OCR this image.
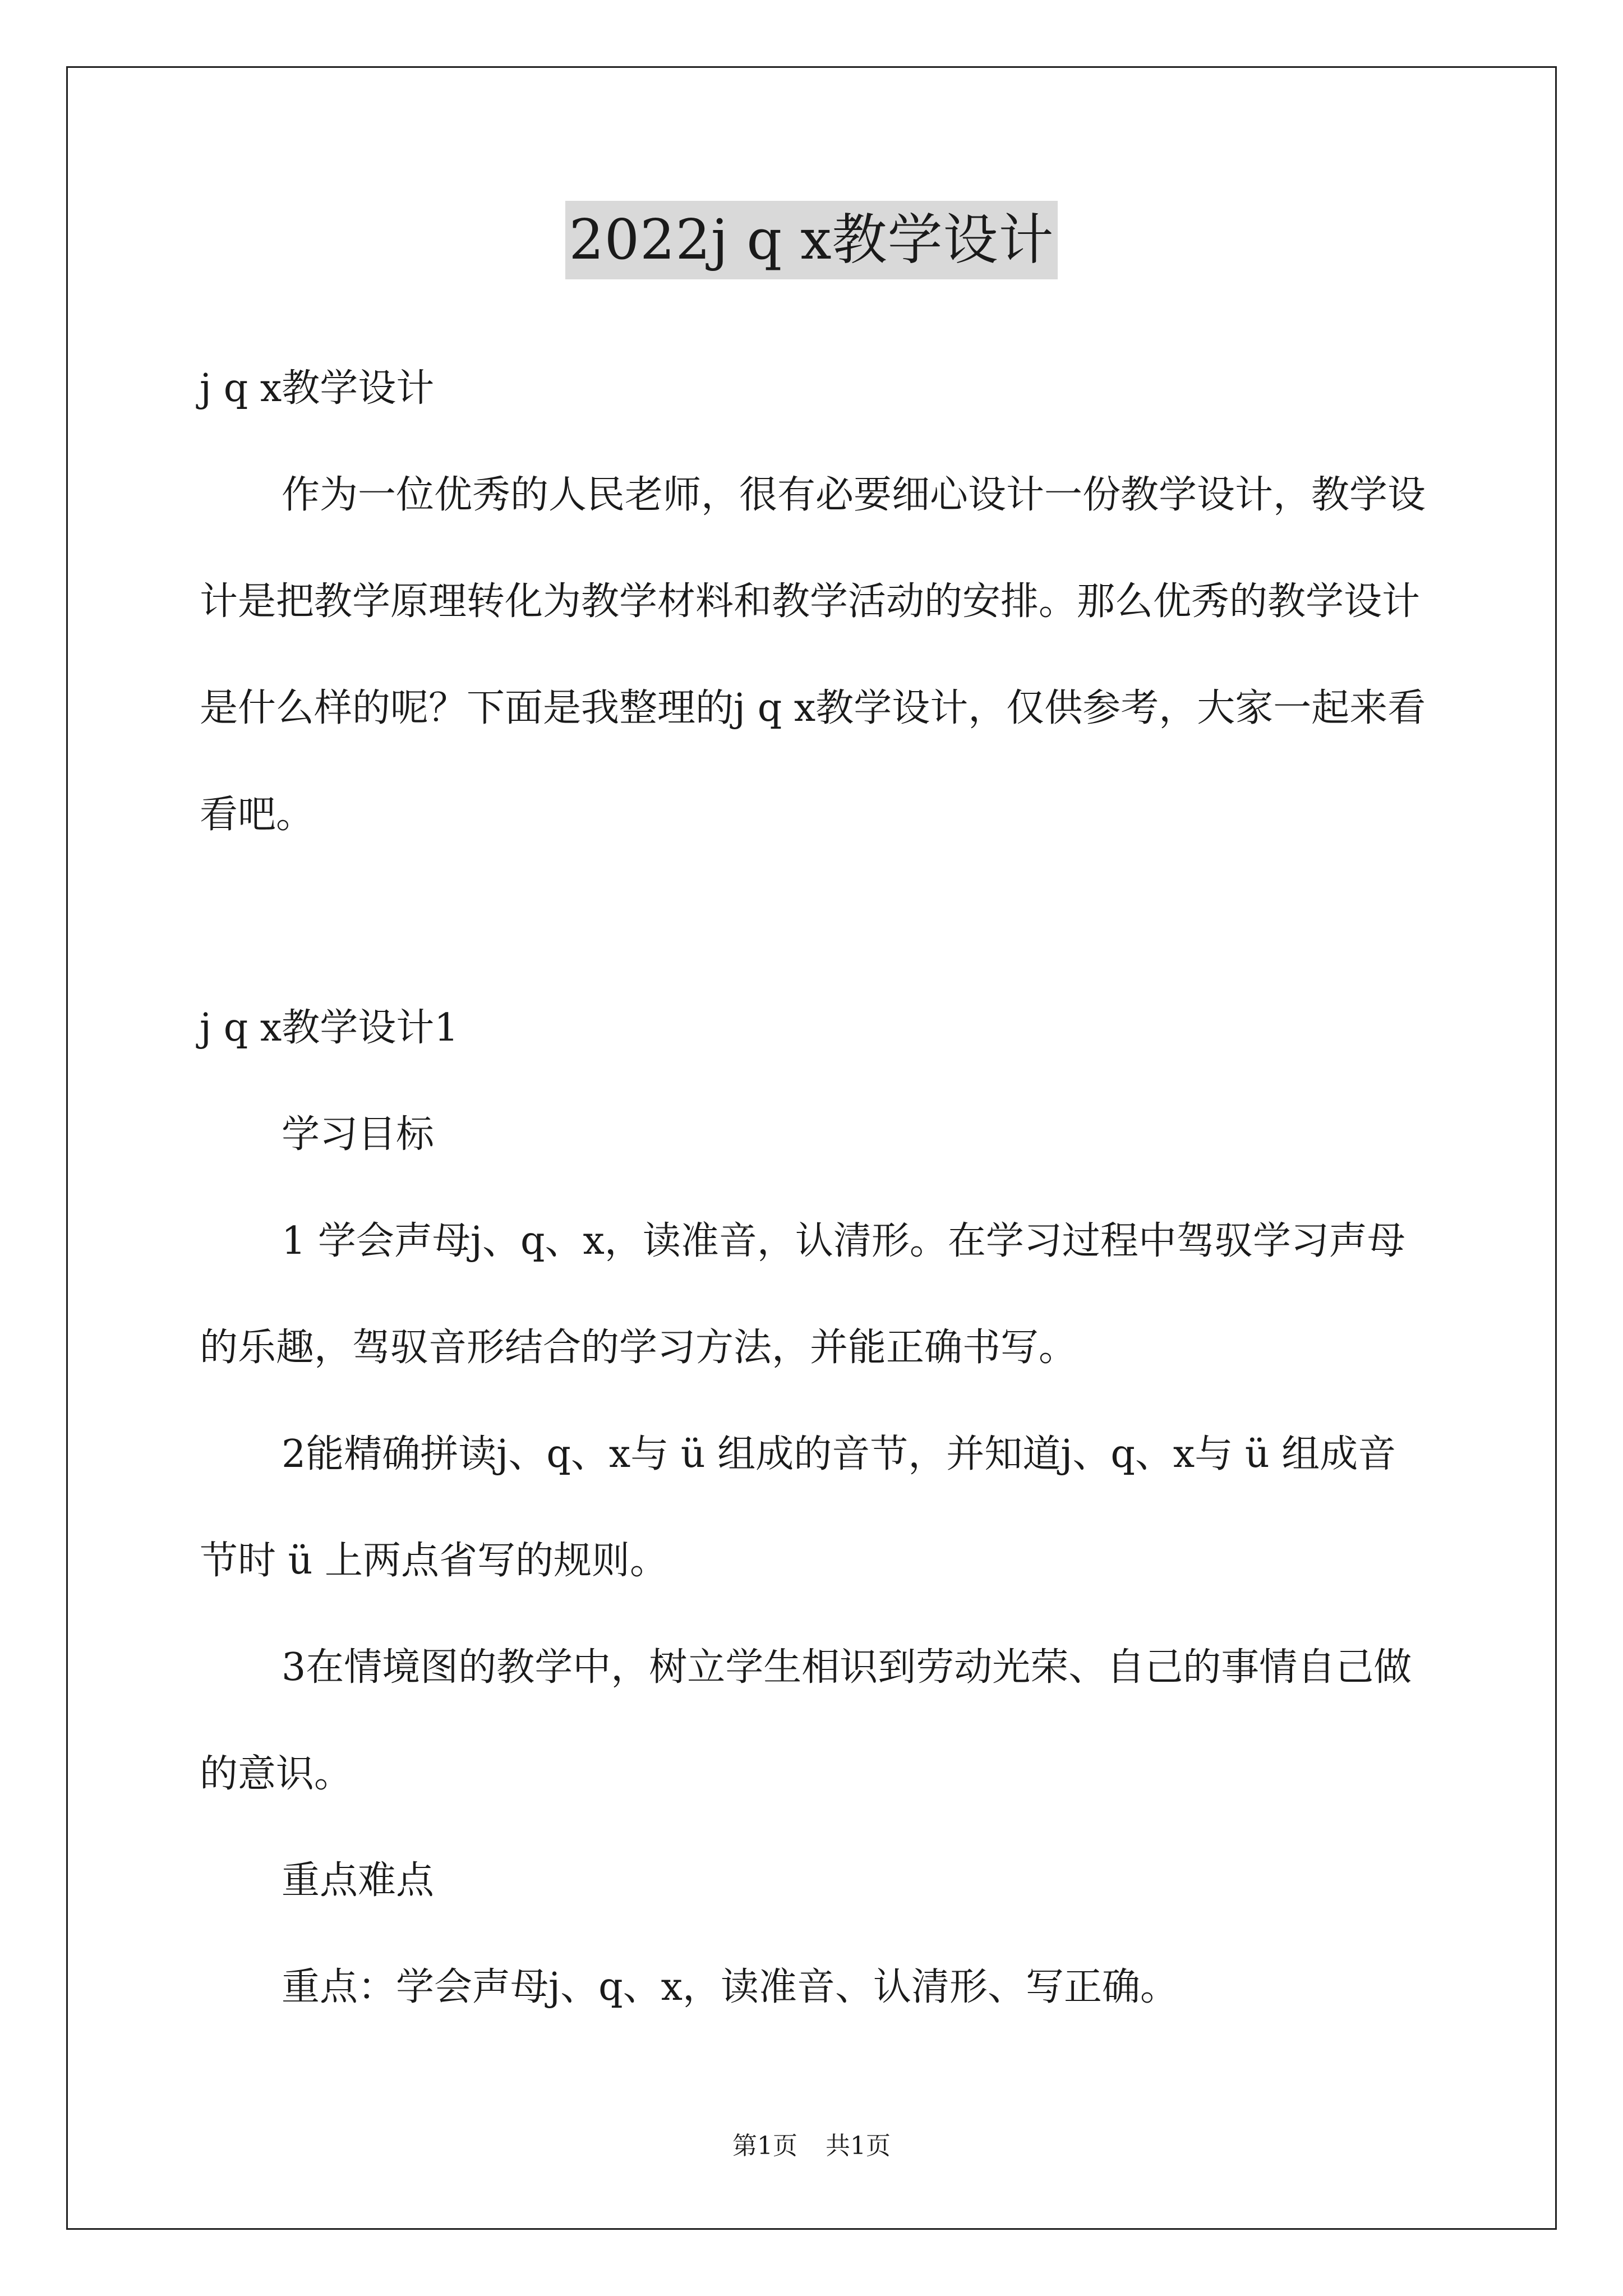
2022j q x教学设计

j q x教学设计

作为一位优秀的人民老师，很有必要细心设计一份教学设计，教学设计是把教学原理转化为教学材料和教学活动的安排。那么优秀的教学设计是什么样的呢？下面是我整理的j q x教学设计，仅供参考，大家一起来看看吧。

j q x教学设计1

学习目标

1 学会声母j、q、x，读准音，认清形。在学习过程中驾驭学习声母的乐趣，驾驭音形结合的学习方法，并能正确书写。

2能精确拼读j、q、x与 ü 组成的音节，并知道j、q、x与 ü 组成音节时 ü 上两点省写的规则。

3在情境图的教学中，树立学生相识到劳动光荣、自己的事情自己做的意识。

重点难点

重点：学会声母j、q、x，读准音、认清形、写正确。

第1页 共1页
